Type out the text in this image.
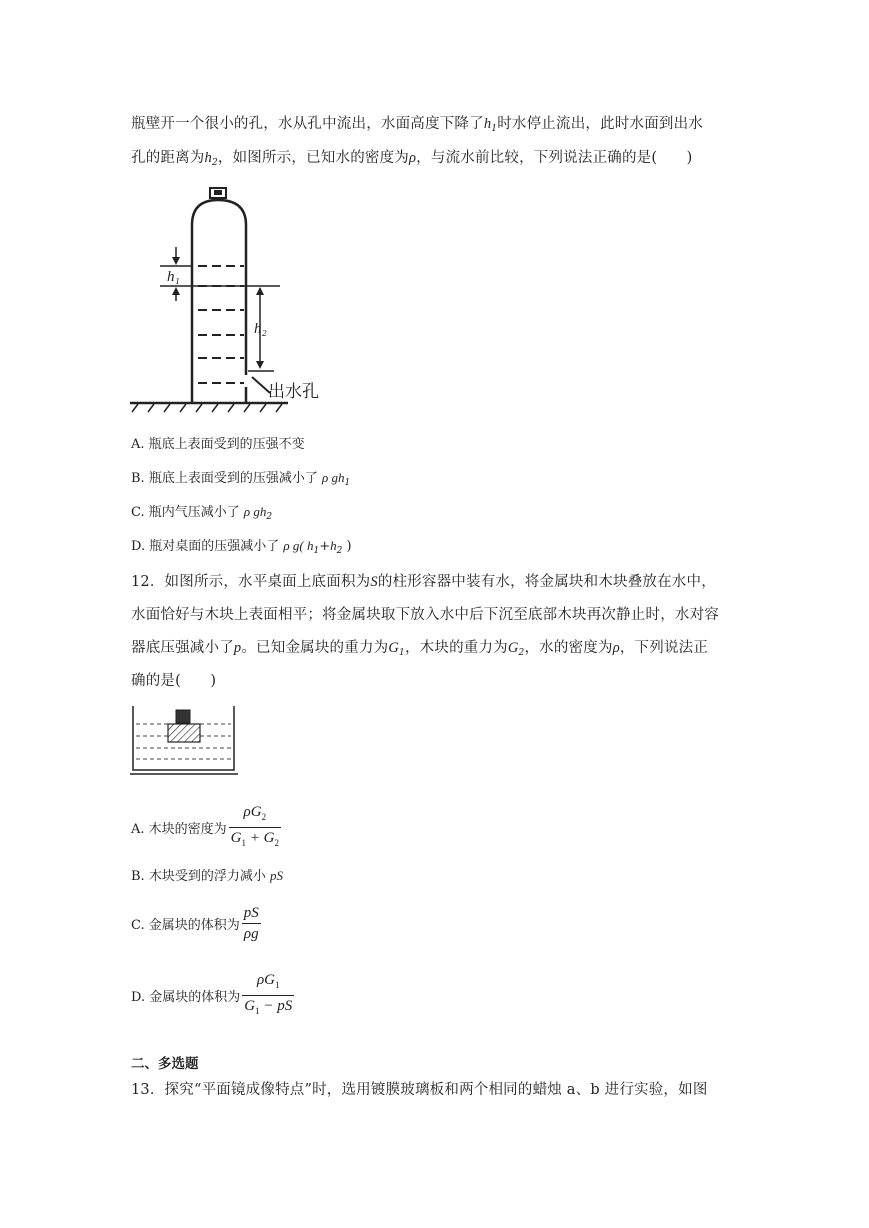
瓶壁开一个很小的孔，水从孔中流出，水面高度下降了$h_1$时水停止流出，此时水面到出水
孔的距离为$h_2$，如图所示，已知水的密度为ρ，与流水前比较，下列说法正确的是(　　)
h₁
h₂
出水孔
A. 瓶底上表面受到的压强不变
B. 瓶底上表面受到的压强减小了 ρ $gh_1$
C. 瓶内气压减小了 ρ $gh_2$
D. 瓶对桌面的压强减小了 ρ g( $h_1+h_2$ )
12．如图所示，水平桌面上底面积为S的柱形容器中装有水，将金属块和木块叠放在水中，
水面恰好与木块上表面相平；将金属块取下放入水中后下沉至底部木块再次静止时，水对容
器底压强减小了p。已知金属块的重力为$G_1$，木块的重力为$G_2$，水的密度为ρ，下列说法正
确的是(　　)
A. 木块的密度为 $\frac{\rho G_2}{G_1 + G_2}$
B. 木块受到的浮力减小 pS
C. 金属块的体积为 $\frac{pS}{\rho g}$
D. 金属块的体积为 $\frac{\rho G_1}{G_1 - pS}$
二、多选题
13．探究“平面镜成像特点”时，选用镀膜玻璃板和两个相同的蜡烛 a、b 进行实验，如图
